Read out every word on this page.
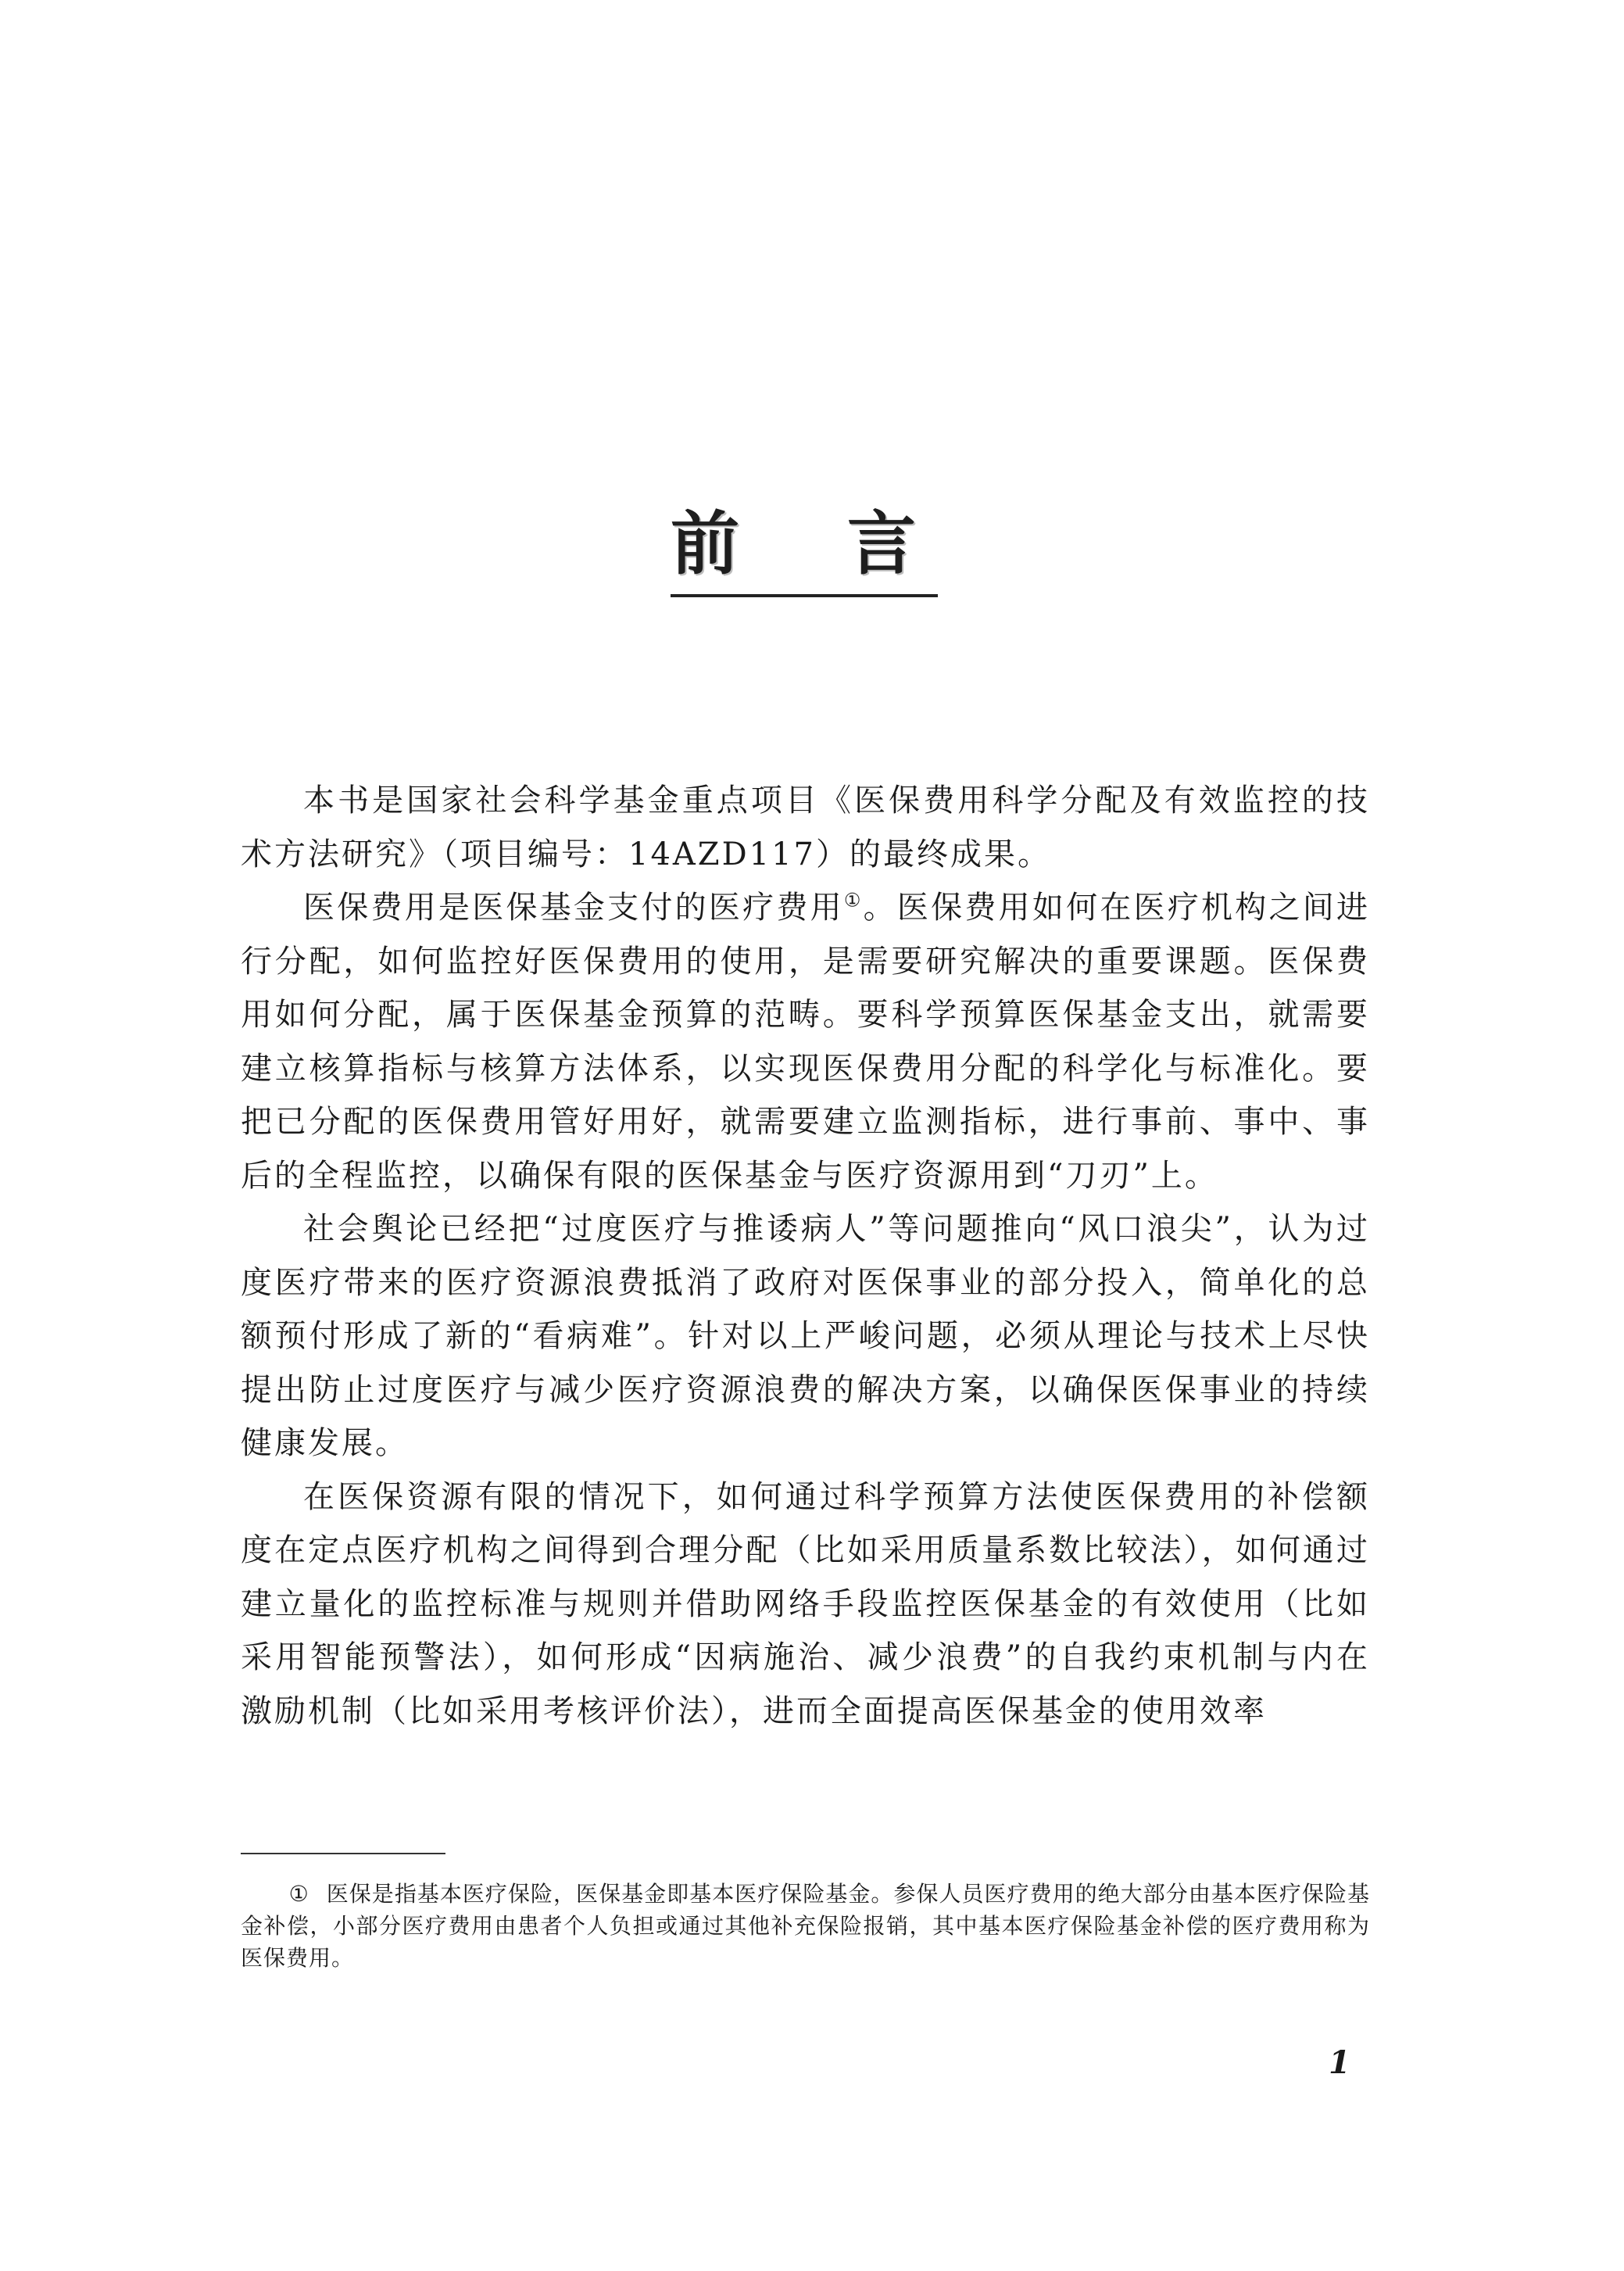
前 言

本书是国家社会科学基金重点项目《医保费用科学分配及有效监控的技术方法研究》（项目编号：14AZD117）的最终成果。

医保费用是医保基金支付的医疗费用①。医保费用如何在医疗机构之间进行分配，如何监控好医保费用的使用，是需要研究解决的重要课题。医保费用如何分配，属于医保基金预算的范畴。要科学预算医保基金支出，就需要建立核算指标与核算方法体系，以实现医保费用分配的科学化与标准化。要把已分配的医保费用管好用好，就需要建立监测指标，进行事前、事中、事后的全程监控，以确保有限的医保基金与医疗资源用到“刀刃”上。

社会舆论已经把“过度医疗与推诿病人”等问题推向“风口浪尖”，认为过度医疗带来的医疗资源浪费抵消了政府对医保事业的部分投入，简单化的总额预付形成了新的“看病难”。针对以上严峻问题，必须从理论与技术上尽快提出防止过度医疗与减少医疗资源浪费的解决方案，以确保医保事业的持续健康发展。

在医保资源有限的情况下，如何通过科学预算方法使医保费用的补偿额度在定点医疗机构之间得到合理分配（比如采用质量系数比较法），如何通过建立量化的监控标准与规则并借助网络手段监控医保基金的有效使用（比如采用智能预警法），如何形成“因病施治、减少浪费”的自我约束机制与内在激励机制（比如采用考核评价法），进而全面提高医保基金的使用效率

① 医保是指基本医疗保险，医保基金即基本医疗保险基金。参保人员医疗费用的绝大部分由基本医疗保险基金补偿，小部分医疗费用由患者个人负担或通过其他补充保险报销，其中基本医疗保险基金补偿的医疗费用称为医保费用。

1
